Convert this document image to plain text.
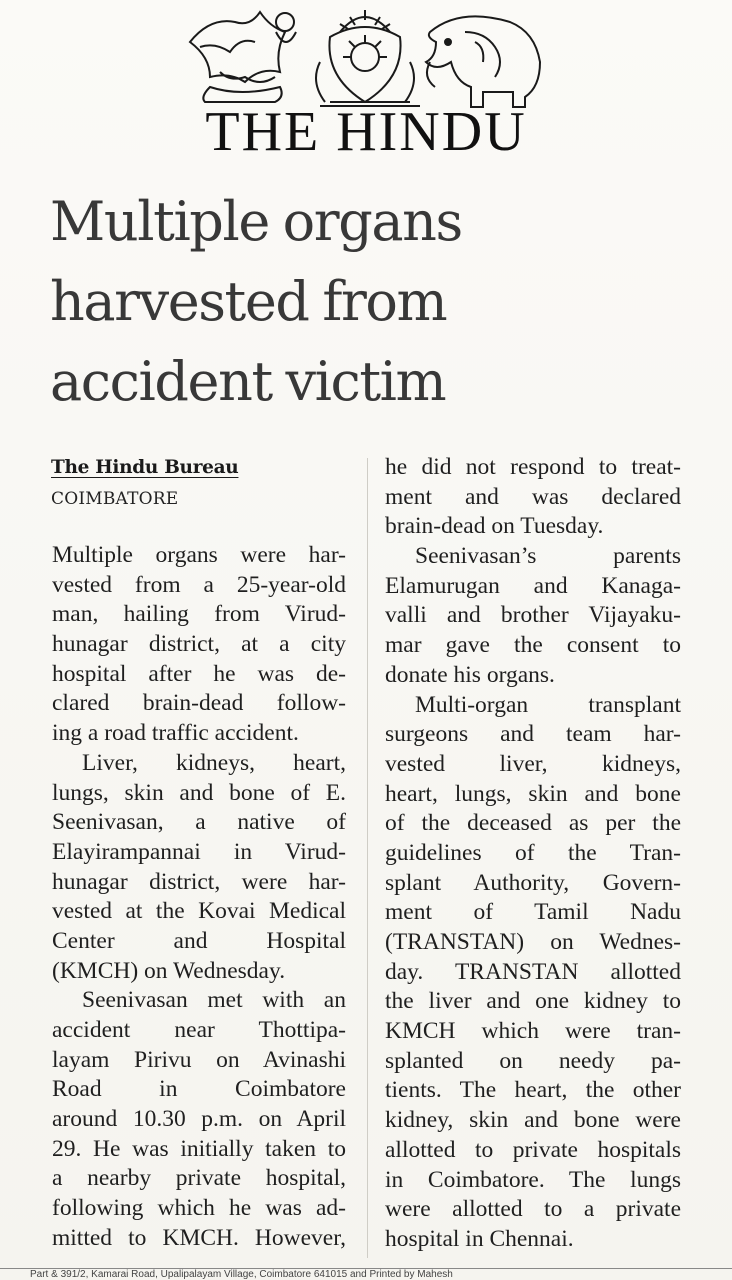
THE HINDU
Multiple organs
harvested from
accident victim
The Hindu Bureau
COIMBATORE
Multiple organs were har-
vested from a 25-year-old
man, hailing from Virud-
hunagar district, at a city
hospital after he was de-
clared brain-dead follow-
ing a road traffic accident.
Liver, kidneys, heart,
lungs, skin and bone of E.
Seenivasan, a native of
Elayirampannai in Virud-
hunagar district, were har-
vested at the Kovai Medical
Center and Hospital
(KMCH) on Wednesday.
Seenivasan met with an
accident near Thottipa-
layam Pirivu on Avinashi
Road in Coimbatore
around 10.30 p.m. on April
29. He was initially taken to
a nearby private hospital,
following which he was ad-
mitted to KMCH. However,
he did not respond to treat-
ment and was declared
brain-dead on Tuesday.
Seenivasan’s parents
Elamurugan and Kanaga-
valli and brother Vijayaku-
mar gave the consent to
donate his organs.
Multi-organ transplant
surgeons and team har-
vested liver, kidneys,
heart, lungs, skin and bone
of the deceased as per the
guidelines of the Tran-
splant Authority, Govern-
ment of Tamil Nadu
(TRANSTAN) on Wednes-
day. TRANSTAN allotted
the liver and one kidney to
KMCH which were tran-
splanted on needy pa-
tients. The heart, the other
kidney, skin and bone were
allotted to private hospitals
in Coimbatore. The lungs
were allotted to a private
hospital in Chennai.
Part & 391/2, Kamarai Road, Upalipalayam Village, Coimbatore 641015 and Printed by Mahesh
